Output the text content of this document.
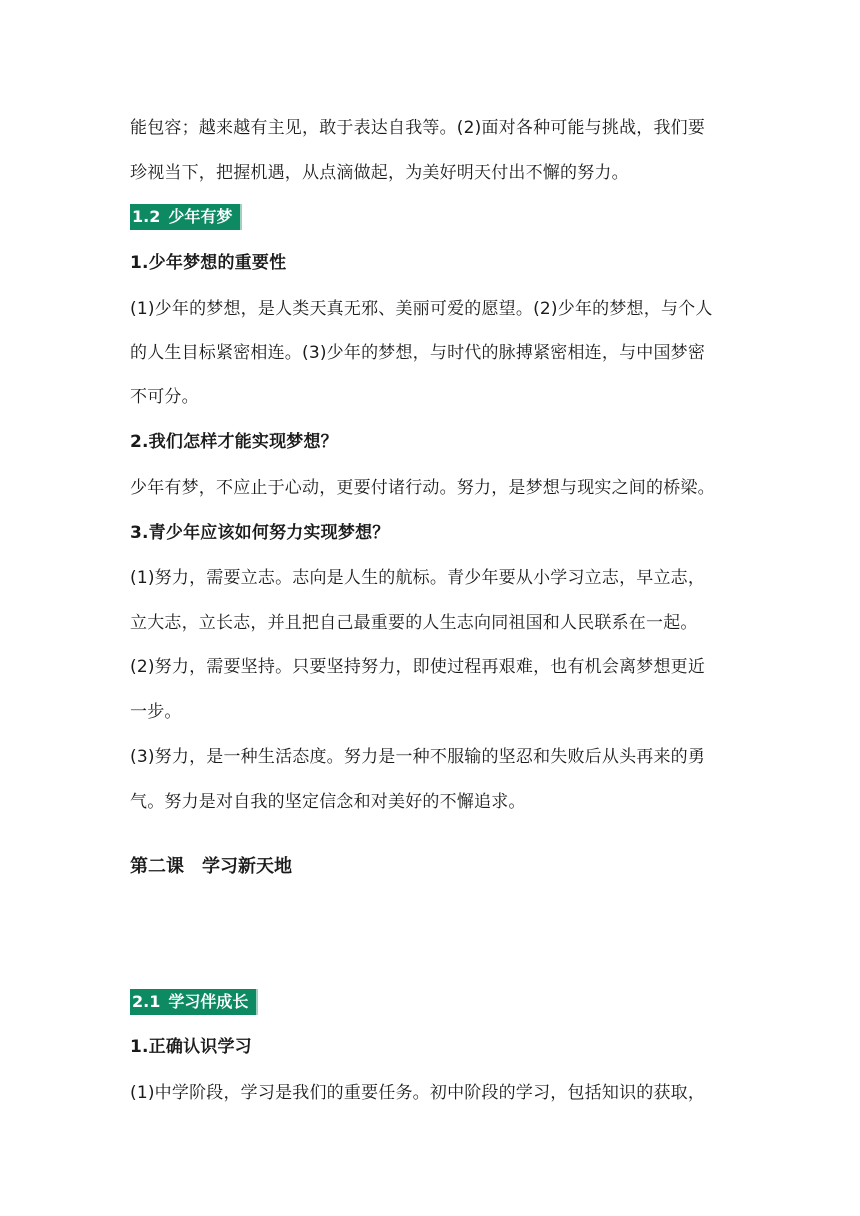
能包容；越来越有主见，敢于表达自我等。(2)面对各种可能与挑战，我们要
珍视当下，把握机遇，从点滴做起，为美好明天付出不懈的努力。
1.2 少年有梦
1.少年梦想的重要性
(1)少年的梦想，是人类天真无邪、美丽可爱的愿望。(2)少年的梦想，与个人
的人生目标紧密相连。(3)少年的梦想，与时代的脉搏紧密相连，与中国梦密
不可分。
2.我们怎样才能实现梦想？
少年有梦，不应止于心动，更要付诸行动。努力，是梦想与现实之间的桥梁。
3.青少年应该如何努力实现梦想？
(1)努力，需要立志。志向是人生的航标。青少年要从小学习立志，早立志，
立大志，立长志，并且把自己最重要的人生志向同祖国和人民联系在一起。
(2)努力，需要坚持。只要坚持努力，即使过程再艰难，也有机会离梦想更近
一步。
(3)努力，是一种生活态度。努力是一种不服输的坚忍和失败后从头再来的勇
气。努力是对自我的坚定信念和对美好的不懈追求。
第二课　学习新天地
2.1 学习伴成长
1.正确认识学习
(1)中学阶段，学习是我们的重要任务。初中阶段的学习，包括知识的获取，
